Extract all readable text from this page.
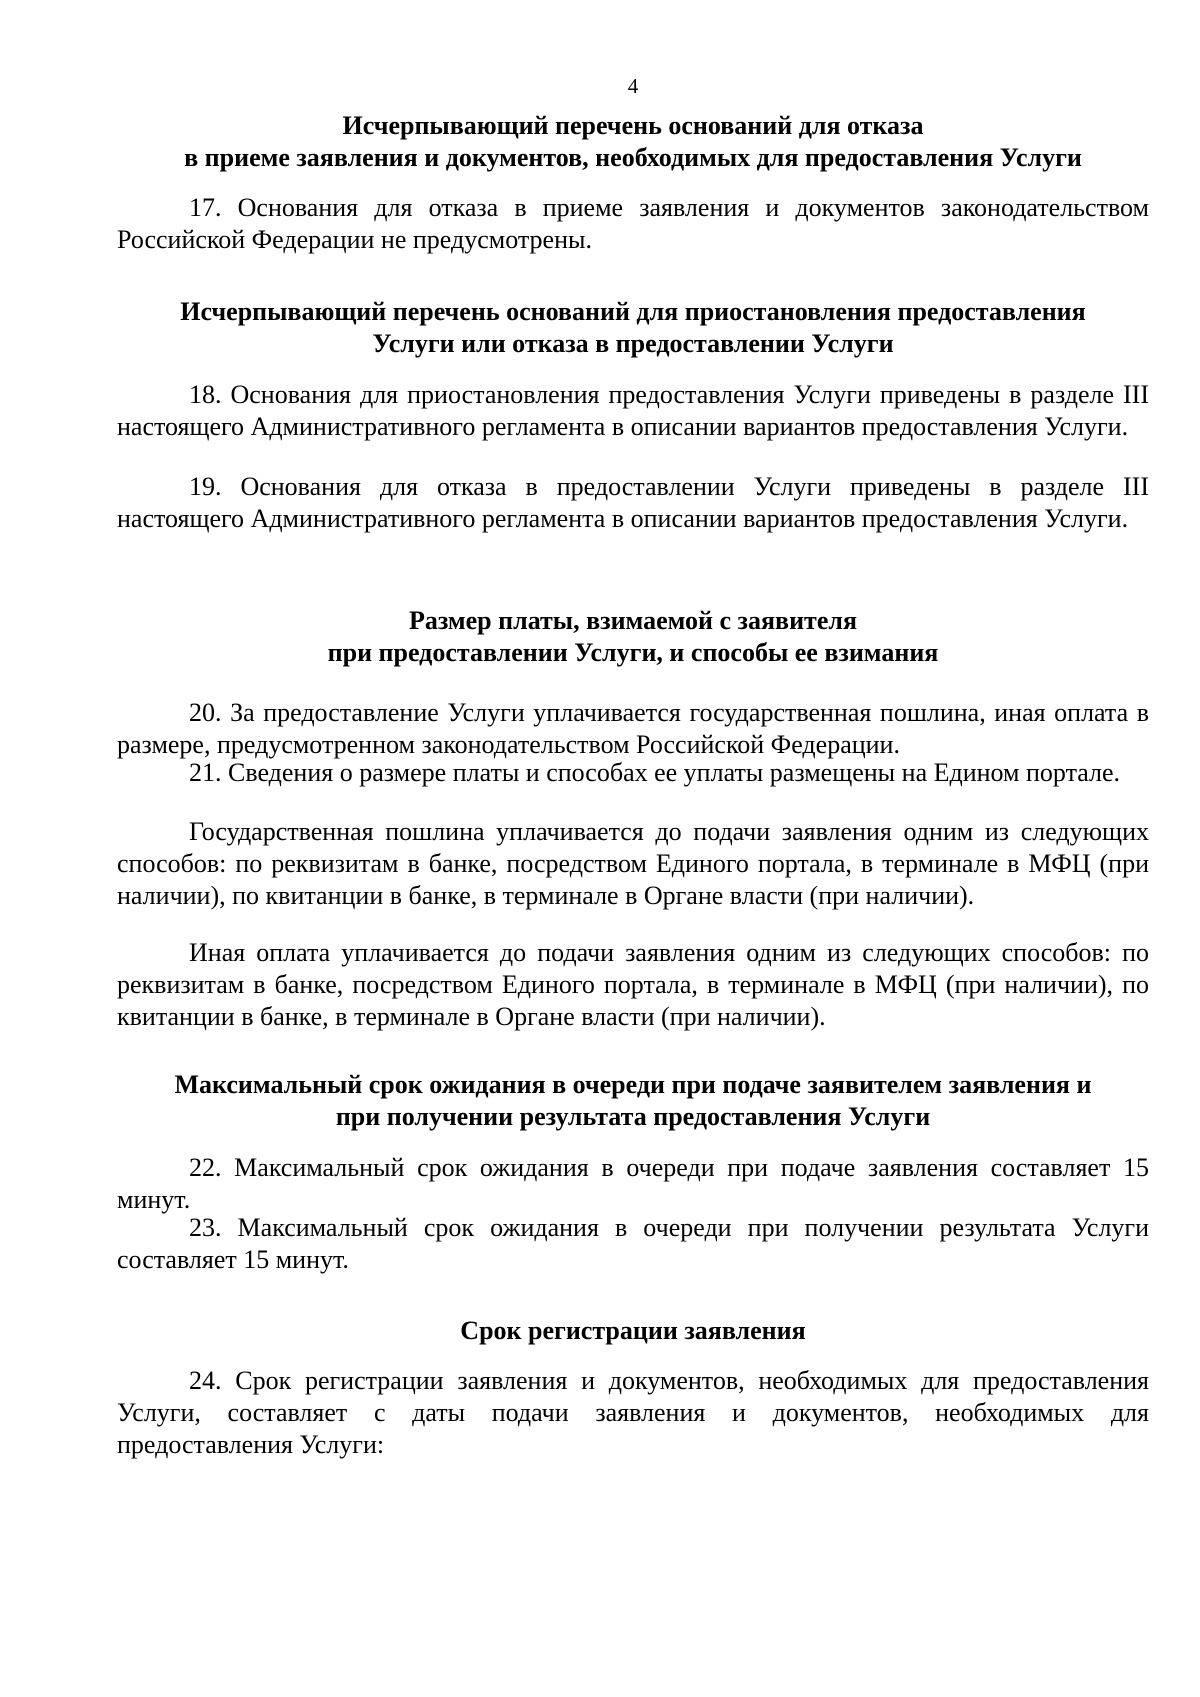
4
Исчерпывающий перечень оснований для отказа
в приеме заявления и документов, необходимых для предоставления Услуги

17. Основания для отказа в приеме заявления и документов законодательством Российской Федерации не предусмотрены.

Исчерпывающий перечень оснований для приостановления предоставления
Услуги или отказа в предоставлении Услуги

18. Основания для приостановления предоставления Услуги приведены в разделе III настоящего Административного регламента в описании вариантов предоставления Услуги.

19. Основания для отказа в предоставлении Услуги приведены в разделе III настоящего Административного регламента в описании вариантов предоставления Услуги.

Размер платы, взимаемой с заявителя
при предоставлении Услуги, и способы ее взимания

20. За предоставление Услуги уплачивается государственная пошлина, иная оплата в размере, предусмотренном законодательством Российской Федерации.

21. Сведения о размере платы и способах ее уплаты размещены на Едином портале.

Государственная пошлина уплачивается до подачи заявления одним из следующих способов: по реквизитам в банке, посредством Единого портала, в терминале в МФЦ (при наличии), по квитанции в банке, в терминале в Органе власти (при наличии).

Иная оплата уплачивается до подачи заявления одним из следующих способов: по реквизитам в банке, посредством Единого портала, в терминале в МФЦ (при наличии), по квитанции в банке, в терминале в Органе власти (при наличии).

Максимальный срок ожидания в очереди при подаче заявителем заявления и
при получении результата предоставления Услуги

22. Максимальный срок ожидания в очереди при подаче заявления составляет 15 минут.

23. Максимальный срок ожидания в очереди при получении результата Услуги составляет 15 минут.

Срок регистрации заявления

24. Срок регистрации заявления и документов, необходимых для предоставления Услуги, составляет с даты подачи заявления и документов, необходимых для предоставления Услуги:
